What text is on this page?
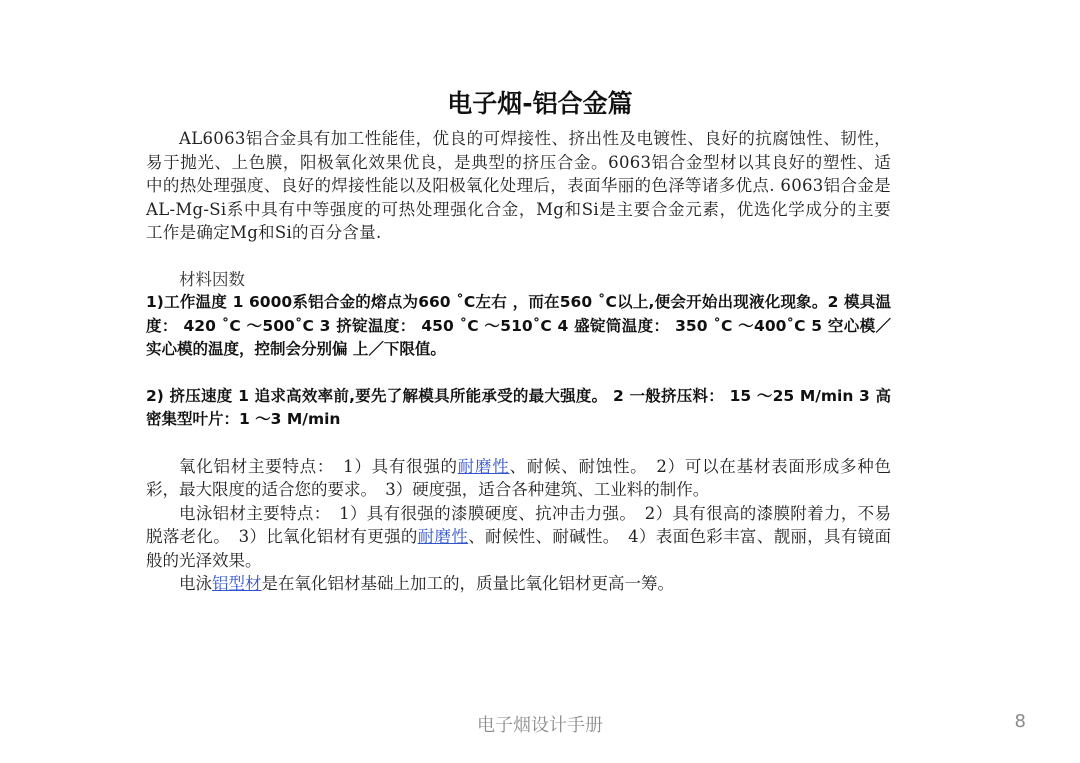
电子烟-铝合金篇

AL6063铝合金具有加工性能佳，优良的可焊接性、挤出性及电镀性、良好的抗腐蚀性、韧性，易于抛光、上色膜，阳极氧化效果优良，是典型的挤压合金。6063铝合金型材以其良好的塑性、适中的热处理强度、良好的焊接性能以及阳极氧化处理后，表面华丽的色泽等诸多优点. 6063铝合金是AL-Mg-Si系中具有中等强度的可热处理强化合金，Mg和Si是主要合金元素，优选化学成分的主要工作是确定Mg和Si的百分含量.

材料因数

1)工作温度 1 6000系铝合金的熔点为660 ˚C左右 ，而在560 ˚C以上,便会开始出现液化现象。2 模具温度： 420 ˚C ～500˚C 3 挤锭温度： 450 ˚C ～510˚C 4 盛锭筒温度： 350 ˚C ～400˚C 5 空心模／实心模的温度，控制会分别偏 上／下限值。

2) 挤压速度 1 追求高效率前,要先了解模具所能承受的最大强度。 2 一般挤压料： 15 ～25 M/min 3 高密集型叶片：1 ～3 M/min

氧化铝材主要特点：　1）具有很强的耐磨性、耐候、耐蚀性。　2）可以在基材表面形成多种色彩，最大限度的适合您的要求。　3）硬度强，适合各种建筑、工业料的制作。

电泳铝材主要特点：　1）具有很强的漆膜硬度、抗冲击力强。　2）具有很高的漆膜附着力，不易脱落老化。　3）比氧化铝材有更强的耐磨性、耐候性、耐碱性。　4）表面色彩丰富、靓丽，具有镜面般的光泽效果。

电泳铝型材是在氧化铝材基础上加工的，质量比氧化铝材更高一筹。

电子烟设计手册	8
